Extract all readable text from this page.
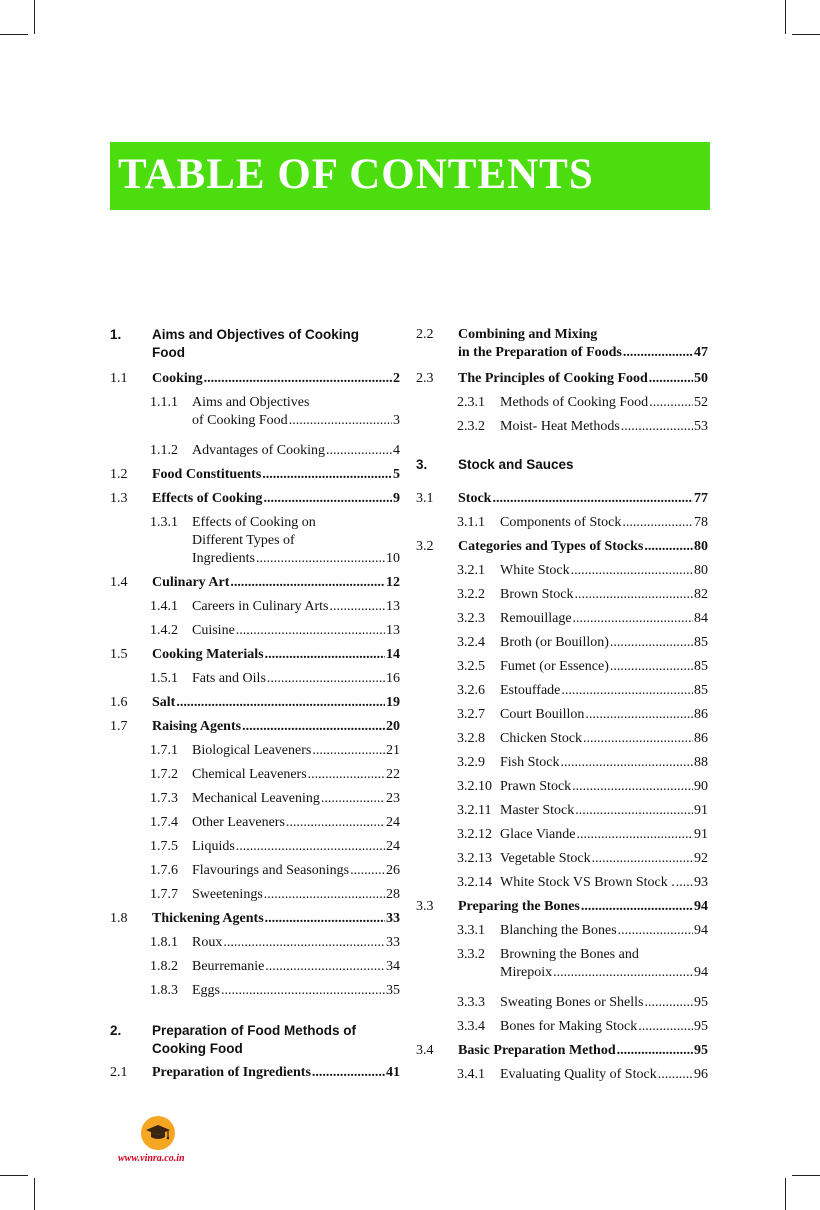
TABLE OF CONTENTS
1. Aims and Objectives of Cooking
Food
1.1 Cooking .....	2
1.1.1 Aims and Objectives
of Cooking Food .....	3
1.1.2 Advantages of Cooking .....	4
1.2 Food Constituents .....	5
1.3 Effects of Cooking .....	9
1.3.1 Effects of Cooking on
Different Types of
Ingredients .....	10
1.4 Culinary Art .....	12
1.4.1 Careers in Culinary Arts .....	13
1.4.2 Cuisine .....	13
1.5 Cooking Materials .....	14
1.5.1 Fats and Oils .....	16
1.6 Salt .....	19
1.7 Raising Agents .....	20
1.7.1 Biological Leaveners .....	21
1.7.2 Chemical Leaveners .....	22
1.7.3 Mechanical Leavening .....	23
1.7.4 Other Leaveners .....	24
1.7.5 Liquids .....	24
1.7.6 Flavourings and Seasonings .....	26
1.7.7 Sweetenings .....	28
1.8 Thickening Agents .....	33
1.8.1 Roux .....	33
1.8.2 Beurremanie .....	34
1.8.3 Eggs .....	35
2. Preparation of Food Methods of
Cooking Food
2.1 Preparation of Ingredients .....	41
2.2 Combining and Mixing
in the Preparation of Foods .....	47
2.3 The Principles of Cooking Food .....	50
2.3.1 Methods of Cooking Food .....	52
2.3.2 Moist- Heat Methods .....	53
3. Stock and Sauces
3.1 Stock .....	77
3.1.1 Components of Stock .....	78
3.2 Categories and Types of Stocks .....	80
3.2.1 White Stock .....	80
3.2.2 Brown Stock .....	82
3.2.3 Remouillage .....	84
3.2.4 Broth (or Bouillon) .....	85
3.2.5 Fumet (or Essence) .....	85
3.2.6 Estouffade .....	85
3.2.7 Court Bouillon .....	86
3.2.8 Chicken Stock .....	86
3.2.9 Fish Stock .....	88
3.2.10 Prawn Stock .....	90
3.2.11 Master Stock .....	91
3.2.12 Glace Viande .....	91
3.2.13 Vegetable Stock .....	92
3.2.14 White Stock VS Brown Stock . ..... 93
3.3 Preparing the Bones .....	94
3.3.1 Blanching the Bones .....	94
3.3.2 Browning the Bones and
Mirepoix .....	94
3.3.3 Sweating Bones or Shells .....	95
3.3.4 Bones for Making Stock .....	95
3.4 Basic Preparation Method .....	95
3.4.1 Evaluating Quality of Stock .....	96

www.vinra.co.in
